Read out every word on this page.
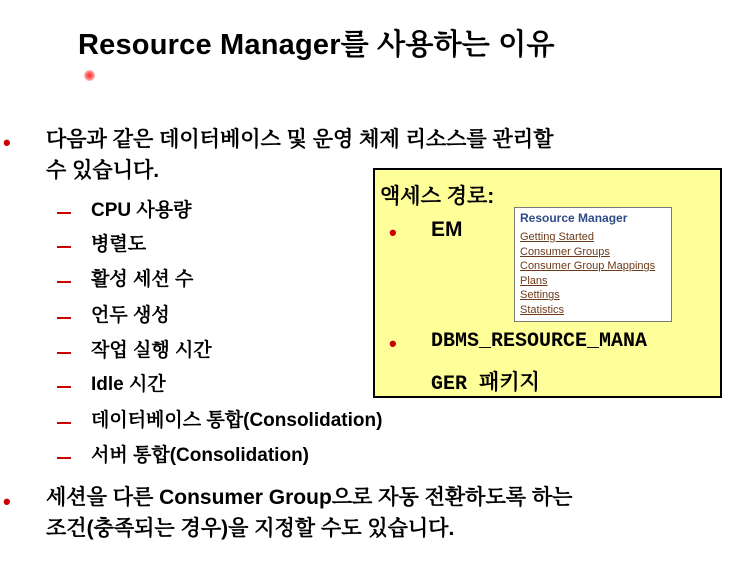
Resource Manager를 사용하는 이유
• 다음과 같은 데이터베이스 및 운영 체제 리소스를 관리할
수 있습니다.
CPU 사용량
병렬도
활성 세션 수
언두 생성
작업 실행 시간
Idle 시간
데이터베이스 통합(Consolidation)
서버 통합(Consolidation)
• 세션을 다른 Consumer Group으로 자동 전환하도록 하는
조건(충족되는 경우)을 지정할 수도 있습니다.
액세스 경로:
• EM	Resource Manager
Getting Started
Consumer Groups
Consumer Group Mappings
Plans
Settings
Statistics
• DBMS_RESOURCE_MANA
GER 패키지
